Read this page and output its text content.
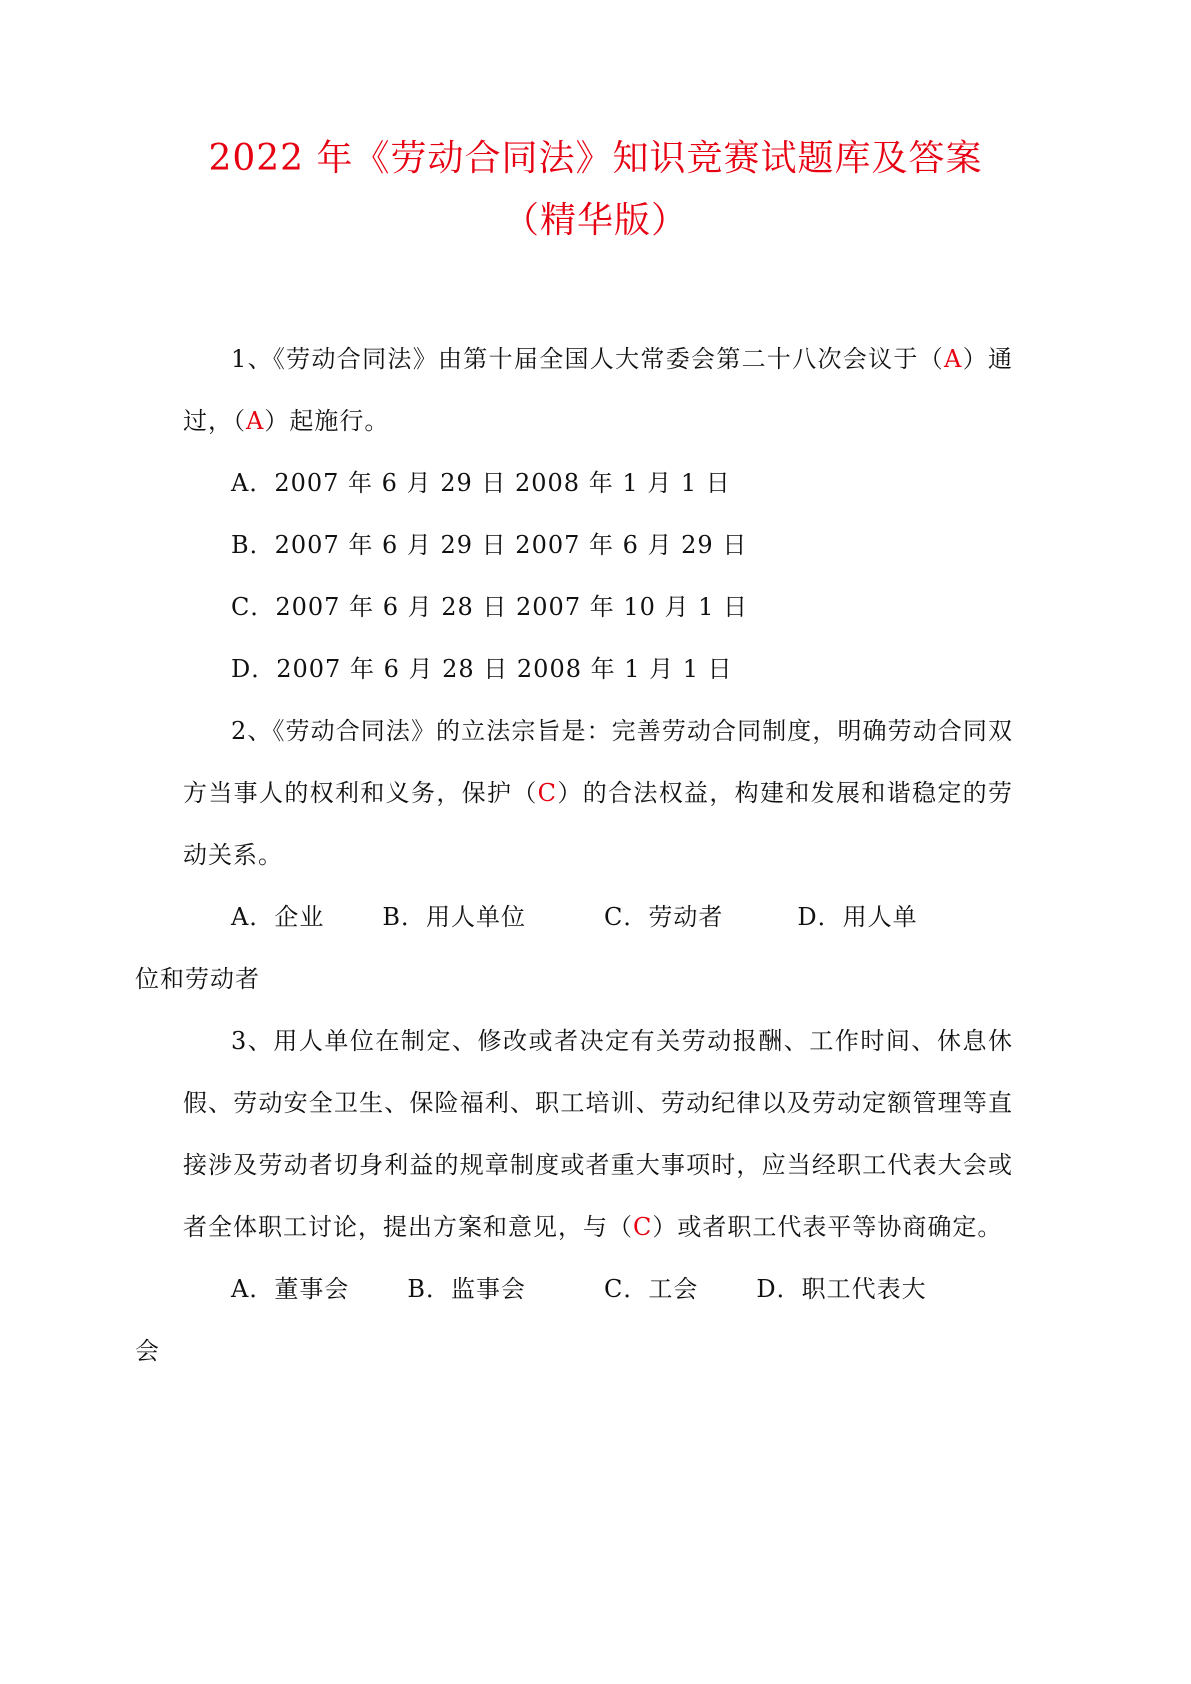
2022 年《劳动合同法》知识竞赛试题库及答案
（精华版）

1、《劳动合同法》由第十届全国人大常委会第二十八次会议于（A）通过，（A）起施行。

A．2007 年 6 月 29 日 2008 年 1 月 1 日

B．2007 年 6 月 29 日 2007 年 6 月 29 日

C．2007 年 6 月 28 日 2007 年 10 月 1 日

D．2007 年 6 月 28 日 2008 年 1 月 1 日

2、《劳动合同法》的立法宗旨是：完善劳动合同制度，明确劳动合同双方当事人的权利和义务，保护（C）的合法权益，构建和发展和谐稳定的劳动关系。

A．企业 B．用人单位	C．劳动者	D．用人单
位和劳动者

3、用人单位在制定、修改或者决定有关劳动报酬、工作时间、休息休假、劳动安全卫生、保险福利、职工培训、劳动纪律以及劳动定额管理等直接涉及劳动者切身利益的规章制度或者重大事项时，应当经职工代表大会或者全体职工讨论，提出方案和意见，与（C）或者职工代表平等协商确定。

A．董事会 B．监事会	C．工会 D．职工代表大
会
